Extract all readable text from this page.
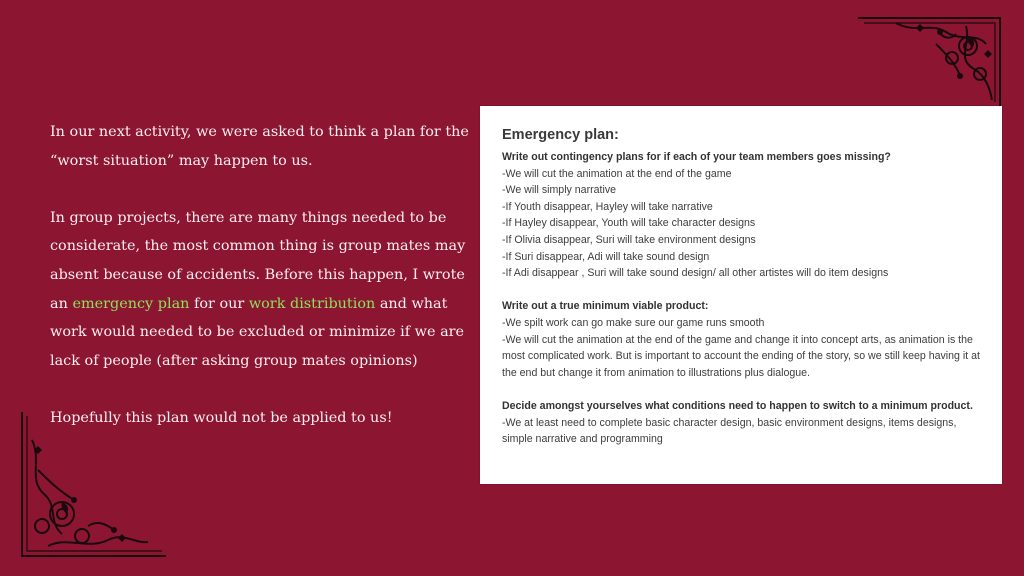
In our next activity, we were asked to think a plan for the “worst situation” may happen to us.

In group projects, there are many things needed to be considerate, the most common thing is group mates may absent because of accidents. Before this happen, I wrote an emergency plan for our work distribution and what work would needed to be excluded or minimize if we are lack of people (after asking group mates opinions)

Hopefully this plan would not be applied to us!

Emergency plan:
Write out contingency plans for if each of your team members goes missing?
-We will cut the animation at the end of the game
-We will simply narrative
-If Youth disappear, Hayley will take narrative
-If Hayley disappear, Youth will take character designs
-If Olivia disappear, Suri will take environment designs
-If Suri disappear, Adi will take sound design
-If Adi disappear , Suri will take sound design/ all other artistes will do item designs
Write out a true minimum viable product:
-We spilt work can go make sure our game runs smooth
-We will cut the animation at the end of the game and change it into concept arts, as animation is the most complicated work. But is important to account the ending of the story, so we still keep having it at the end but change it from animation to illustrations plus dialogue.
Decide amongst yourselves what conditions need to happen to switch to a minimum product.
-We at least need to complete basic character design, basic environment designs, items designs, simple narrative and programming
